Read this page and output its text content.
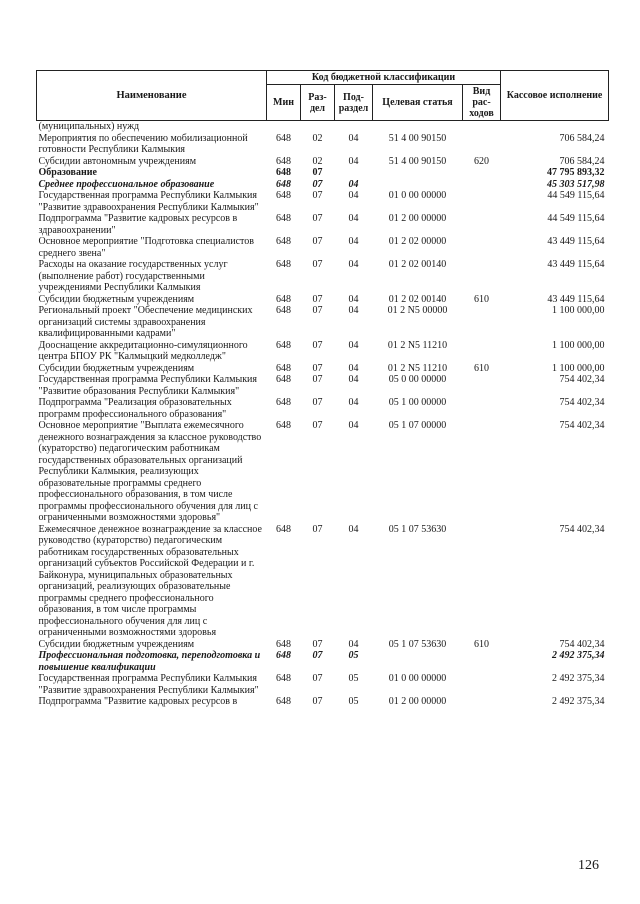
Наименование	Код бюджетной классификации					Кассовое исполнение
	Мин	Раз-дел	Под-раздел	Целевая статья	Вид рас-ходов	
(муниципальных) нужд						
Мероприятия по обеспечению мобилизационной готовности Республики Калмыкия	648	02	04	51 4 00 90150		706 584,24
Субсидии автономным учреждениям	648	02	04	51 4 00 90150	620	706 584,24
Образование	648	07				47 795 893,32
Среднее профессиональное образование	648	07	04			45 303 517,98
Государственная программа Республики Калмыкия "Развитие здравоохранения Республики Калмыкия"	648	07	04	01 0 00 00000		44 549 115,64
Подпрограмма "Развитие кадровых ресурсов в здравоохранении"	648	07	04	01 2 00 00000		44 549 115,64
Основное мероприятие "Подготовка специалистов среднего звена"	648	07	04	01 2 02 00000		43 449 115,64
Расходы на оказание государственных услуг (выполнение работ) государственными учреждениями Республики Калмыкия	648	07	04	01 2 02 00140		43 449 115,64
Субсидии бюджетным учреждениям	648	07	04	01 2 02 00140	610	43 449 115,64
Региональный проект "Обеспечение медицинских организаций системы здравоохранения квалифицированными кадрами"	648	07	04	01 2 N5 00000		1 100 000,00
Дооснащение аккредитационно-симуляционного центра БПОУ РК "Калмыцкий медколледж"	648	07	04	01 2 N5 11210		1 100 000,00
Субсидии бюджетным учреждениям	648	07	04	01 2 N5 11210	610	1 100 000,00
Государственная программа Республики Калмыкия "Развитие образования Республики Калмыкия"	648	07	04	05 0 00 00000		754 402,34
Подпрограмма "Реализация образовательных программ профессионального образования"	648	07	04	05 1 00 00000		754 402,34
Основное мероприятие "Выплата ежемесячного денежного вознаграждения за классное руководство (кураторство) педагогическим работникам государственных образовательных организаций Республики Калмыкия, реализующих образовательные программы среднего профессионального образования, в том числе программы профессионального обучения для лиц с ограниченными возможностями здоровья"	648	07	04	05 1 07 00000		754 402,34
Ежемесячное денежное вознаграждение за классное руководство (кураторство) педагогическим работникам государственных образовательных организаций субъектов Российской Федерации и г. Байконура, муниципальных образовательных организаций, реализующих образовательные программы среднего профессионального образования, в том числе программы профессионального обучения для лиц с ограниченными возможностями здоровья	648	07	04	05 1 07 53630		754 402,34
Субсидии бюджетным учреждениям	648	07	04	05 1 07 53630	610	754 402,34
Профессиональная подготовка, переподготовка и повышение квалификации	648	07	05			2 492 375,34
Государственная программа Республики Калмыкия "Развитие здравоохранения Республики Калмыкия"	648	07	05	01 0 00 00000		2 492 375,34
Подпрограмма "Развитие кадровых ресурсов в	648	07	05	01 2 00 00000		2 492 375,34
126
